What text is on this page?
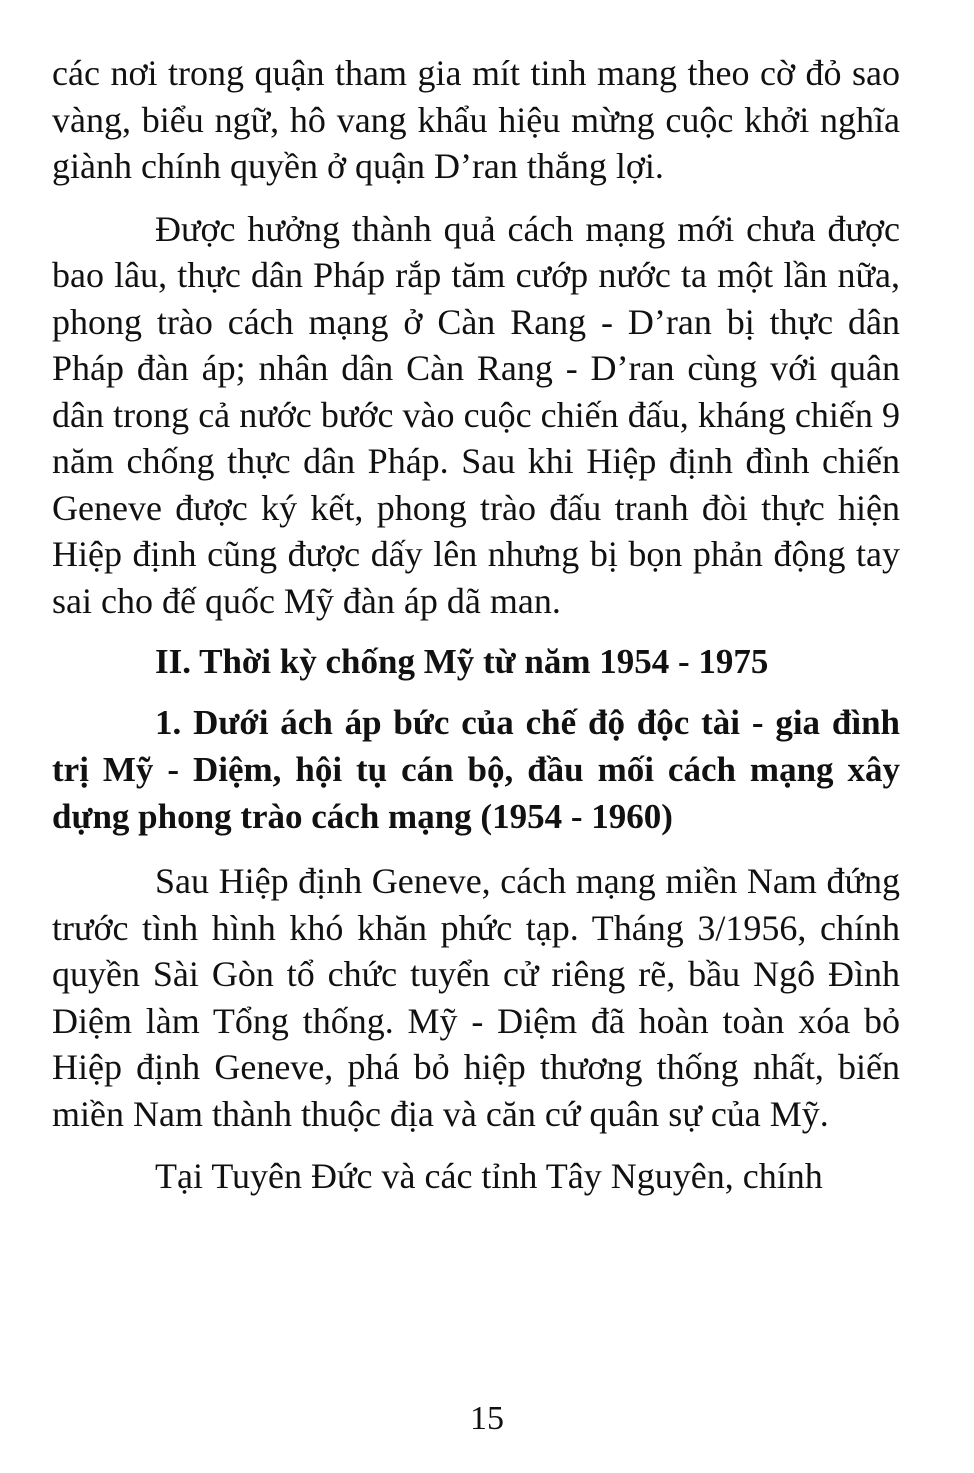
các nơi trong quận tham gia mít tinh mang theo cờ đỏ sao vàng, biểu ngữ, hô vang khẩu hiệu mừng cuộc khởi nghĩa giành chính quyền ở quận D’ran thắng lợi.

Được hưởng thành quả cách mạng mới chưa được bao lâu, thực dân Pháp rắp tăm cướp nước ta một lần nữa, phong trào cách mạng ở Càn Rang - D’ran bị thực dân Pháp đàn áp; nhân dân Càn Rang - D’ran cùng với quân dân trong cả nước bước vào cuộc chiến đấu, kháng chiến 9 năm chống thực dân Pháp. Sau khi Hiệp định đình chiến Geneve được ký kết, phong trào đấu tranh đòi thực hiện Hiệp định cũng được dấy lên nhưng bị bọn phản động tay sai cho đế quốc Mỹ đàn áp dã man.

II. Thời kỳ chống Mỹ từ năm 1954 - 1975
1. Dưới ách áp bức của chế độ độc tài - gia đình trị Mỹ - Diệm, hội tụ cán bộ, đầu mối cách mạng xây dựng phong trào cách mạng (1954 - 1960)

Sau Hiệp định Geneve, cách mạng miền Nam đứng trước tình hình khó khăn phức tạp. Tháng 3/1956, chính quyền Sài Gòn tổ chức tuyển cử riêng rẽ, bầu Ngô Đình Diệm làm Tổng thống. Mỹ - Diệm đã hoàn toàn xóa bỏ Hiệp định Geneve, phá bỏ hiệp thương thống nhất, biến miền Nam thành thuộc địa và căn cứ quân sự của Mỹ.

Tại Tuyên Đức và các tỉnh Tây Nguyên, chính

15
